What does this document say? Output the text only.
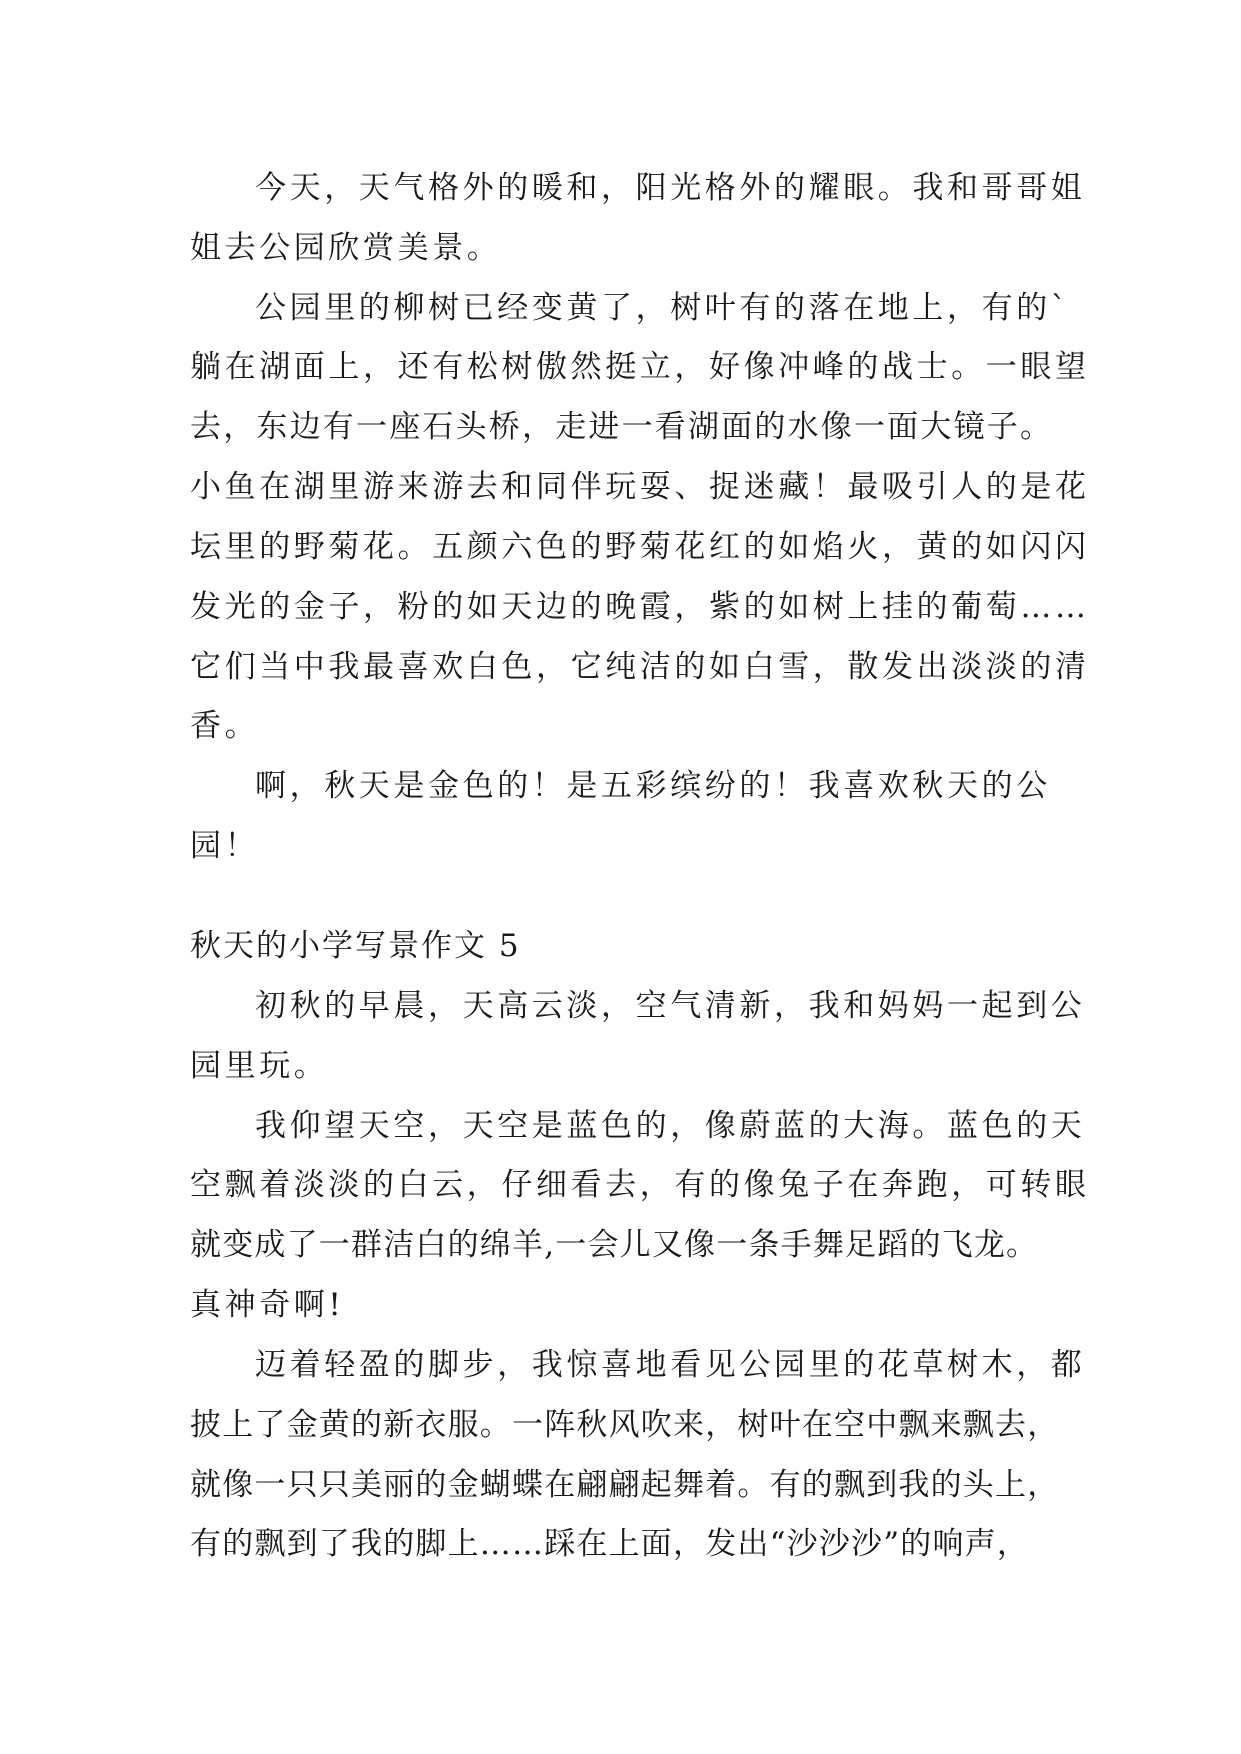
今天，天气格外的暖和，阳光格外的耀眼。我和哥哥姐
姐去公园欣赏美景。
公园里的柳树已经变黄了，树叶有的落在地上，有的`
躺在湖面上，还有松树傲然挺立，好像冲峰的战士。一眼望
去，东边有一座石头桥，走进一看湖面的水像一面大镜子。
小鱼在湖里游来游去和同伴玩耍、捉迷藏！最吸引人的是花
坛里的野菊花。五颜六色的野菊花红的如焰火，黄的如闪闪
发光的金子，粉的如天边的晚霞，紫的如树上挂的葡萄……
它们当中我最喜欢白色，它纯洁的如白雪，散发出淡淡的清
香。
啊，秋天是金色的！是五彩缤纷的！我喜欢秋天的公
园！
秋天的小学写景作文 5
初秋的早晨，天高云淡，空气清新，我和妈妈一起到公
园里玩。
我仰望天空，天空是蓝色的，像蔚蓝的大海。蓝色的天
空飘着淡淡的白云，仔细看去，有的像兔子在奔跑，可转眼
就变成了一群洁白的绵羊,一会儿又像一条手舞足蹈的飞龙。
真神奇啊!
迈着轻盈的脚步，我惊喜地看见公园里的花草树木，都
披上了金黄的新衣服。一阵秋风吹来，树叶在空中飘来飘去，
就像一只只美丽的金蝴蝶在翩翩起舞着。有的飘到我的头上，
有的飘到了我的脚上……踩在上面，发出“沙沙沙”的响声，
